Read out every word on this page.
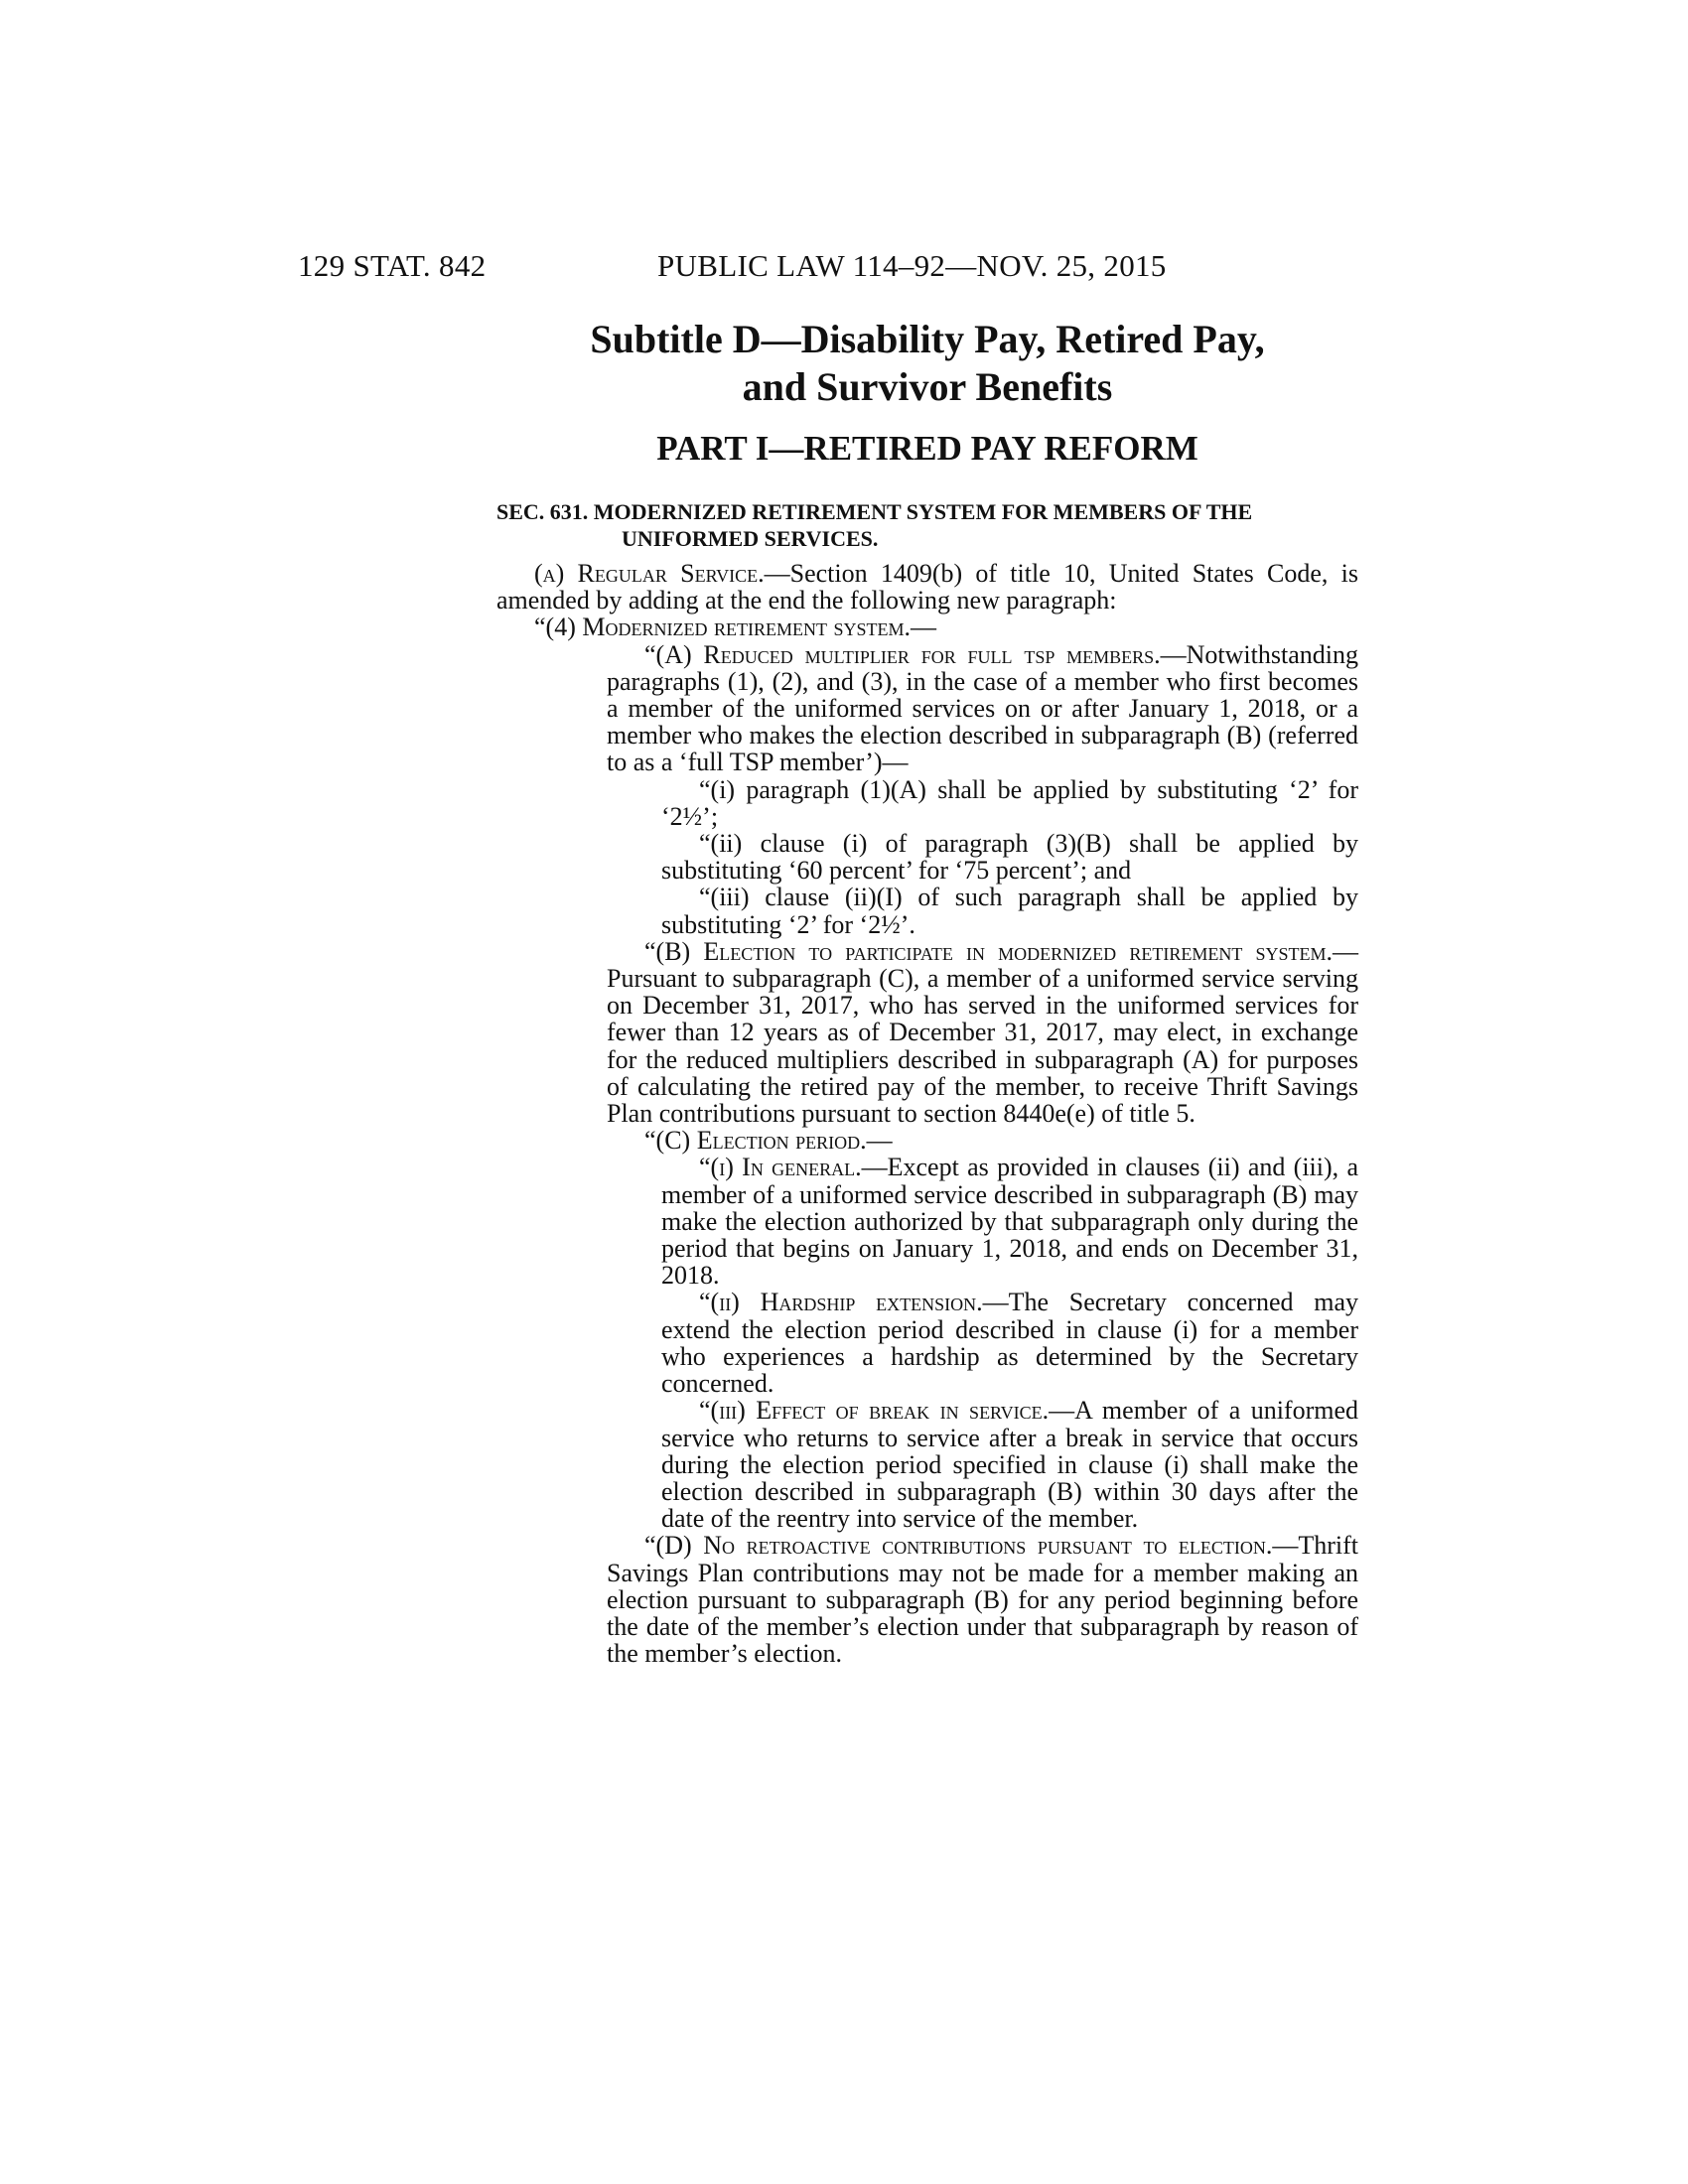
129 STAT. 842	PUBLIC LAW 114–92—NOV. 25, 2015
Subtitle D—Disability Pay, Retired Pay,
and Survivor Benefits
PART I—RETIRED PAY REFORM
SEC. 631. MODERNIZED RETIREMENT SYSTEM FOR MEMBERS OF THE
UNIFORMED SERVICES.

(a) Regular Service.—Section 1409(b) of title 10, United States Code, is amended by adding at the end the following new paragraph:

“(4) Modernized retirement system.—

“(A) Reduced multiplier for full tsp members.—Notwithstanding paragraphs (1), (2), and (3), in the case of a member who first becomes a member of the uniformed services on or after January 1, 2018, or a member who makes the election described in subparagraph (B) (referred to as a ‘full TSP member’)—

“(i) paragraph (1)(A) shall be applied by substituting ‘2’ for ‘2½’;

“(ii) clause (i) of paragraph (3)(B) shall be applied by substituting ‘60 percent’ for ‘75 percent’; and

“(iii) clause (ii)(I) of such paragraph shall be applied by substituting ‘2’ for ‘2½’.

“(B) Election to participate in modernized retirement system.—Pursuant to subparagraph (C), a member of a uniformed service serving on December 31, 2017, who has served in the uniformed services for fewer than 12 years as of December 31, 2017, may elect, in exchange for the reduced multipliers described in subparagraph (A) for purposes of calculating the retired pay of the member, to receive Thrift Savings Plan contributions pursuant to section 8440e(e) of title 5.

“(C) Election period.—

“(i) In general.—Except as provided in clauses (ii) and (iii), a member of a uniformed service described in subparagraph (B) may make the election authorized by that subparagraph only during the period that begins on January 1, 2018, and ends on December 31, 2018.

“(ii) Hardship extension.—The Secretary concerned may extend the election period described in clause (i) for a member who experiences a hardship as determined by the Secretary concerned.

“(iii) Effect of break in service.—A member of a uniformed service who returns to service after a break in service that occurs during the election period specified in clause (i) shall make the election described in subparagraph (B) within 30 days after the date of the reentry into service of the member.

“(D) No retroactive contributions pursuant to election.—Thrift Savings Plan contributions may not be made for a member making an election pursuant to subparagraph (B) for any period beginning before the date of the member’s election under that subparagraph by reason of the member’s election.
